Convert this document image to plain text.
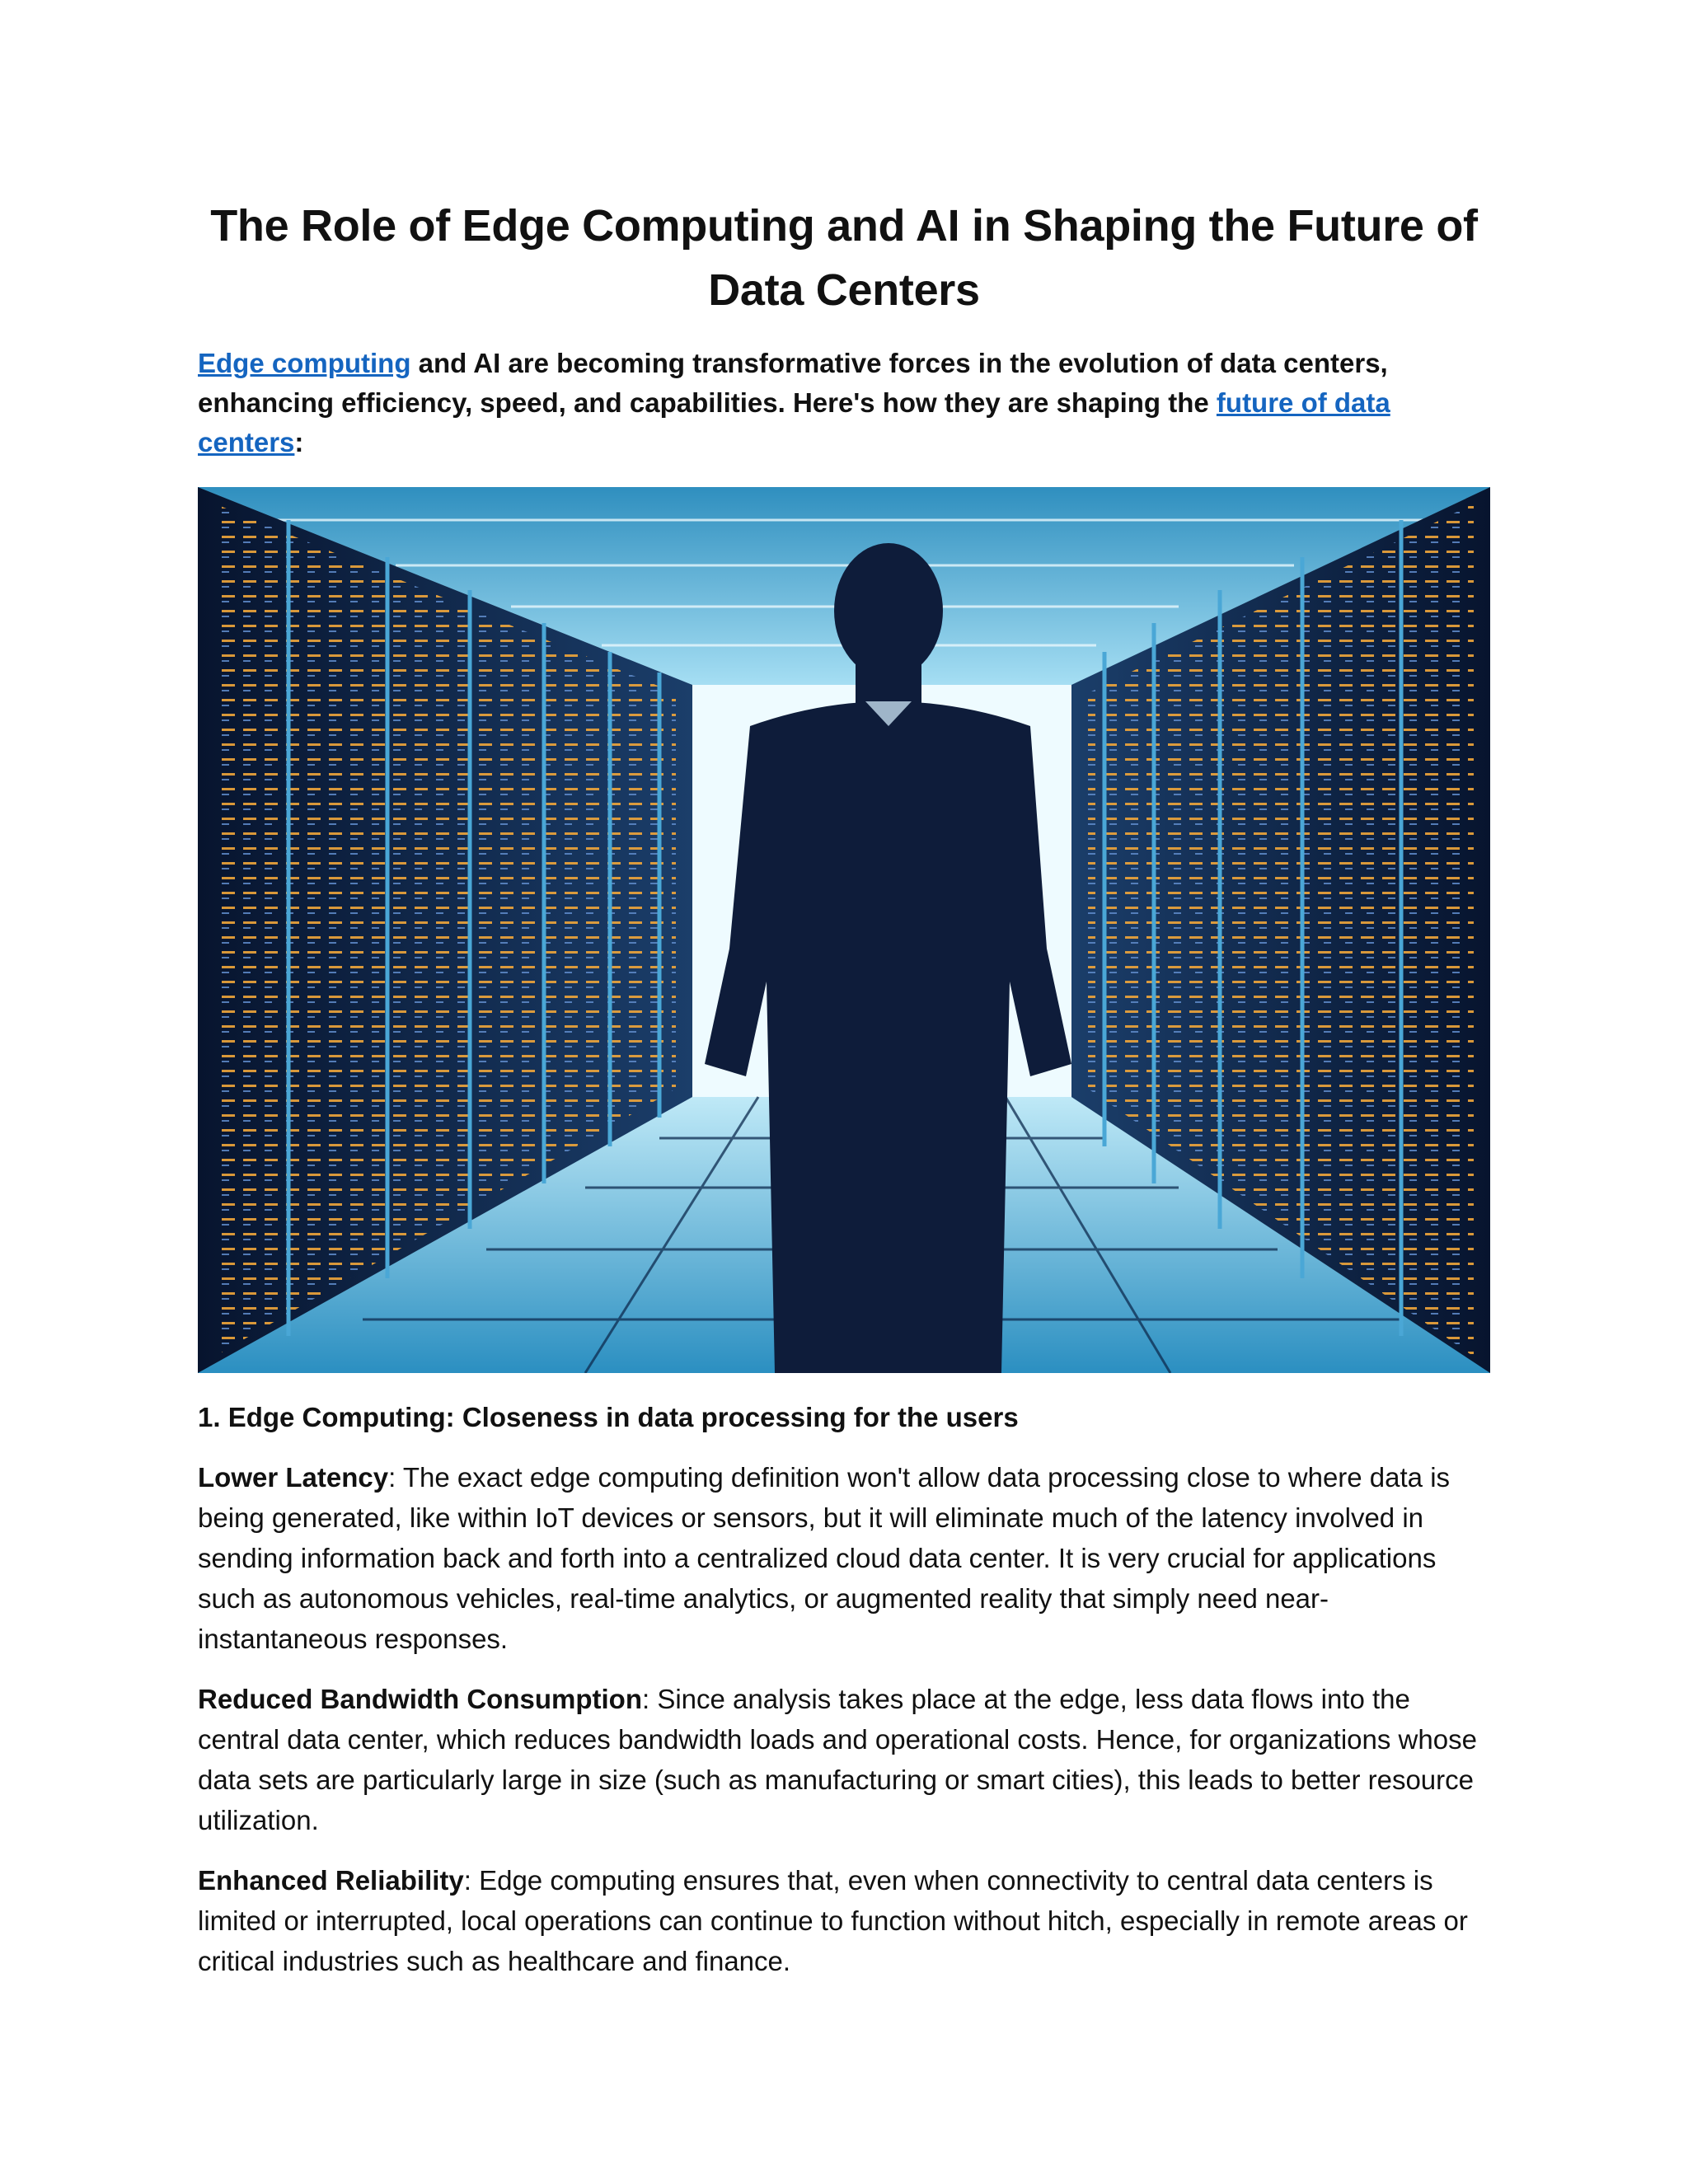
The Role of Edge Computing and AI in Shaping the Future of Data Centers

Edge computing and AI are becoming transformative forces in the evolution of data centers, enhancing efficiency, speed, and capabilities. Here's how they are shaping the future of data centers:

1. Edge Computing: Closeness in data processing for the users

Lower Latency: The exact edge computing definition won't allow data processing close to where data is being generated, like within IoT devices or sensors, but it will eliminate much of the latency involved in sending information back and forth into a centralized cloud data center. It is very crucial for applications such as autonomous vehicles, real-time analytics, or augmented reality that simply need near-instantaneous responses.

Reduced Bandwidth Consumption: Since analysis takes place at the edge, less data flows into the central data center, which reduces bandwidth loads and operational costs. Hence, for organizations whose data sets are particularly large in size (such as manufacturing or smart cities), this leads to better resource utilization.

Enhanced Reliability: Edge computing ensures that, even when connectivity to central data centers is limited or interrupted, local operations can continue to function without hitch, especially in remote areas or critical industries such as healthcare and finance.
